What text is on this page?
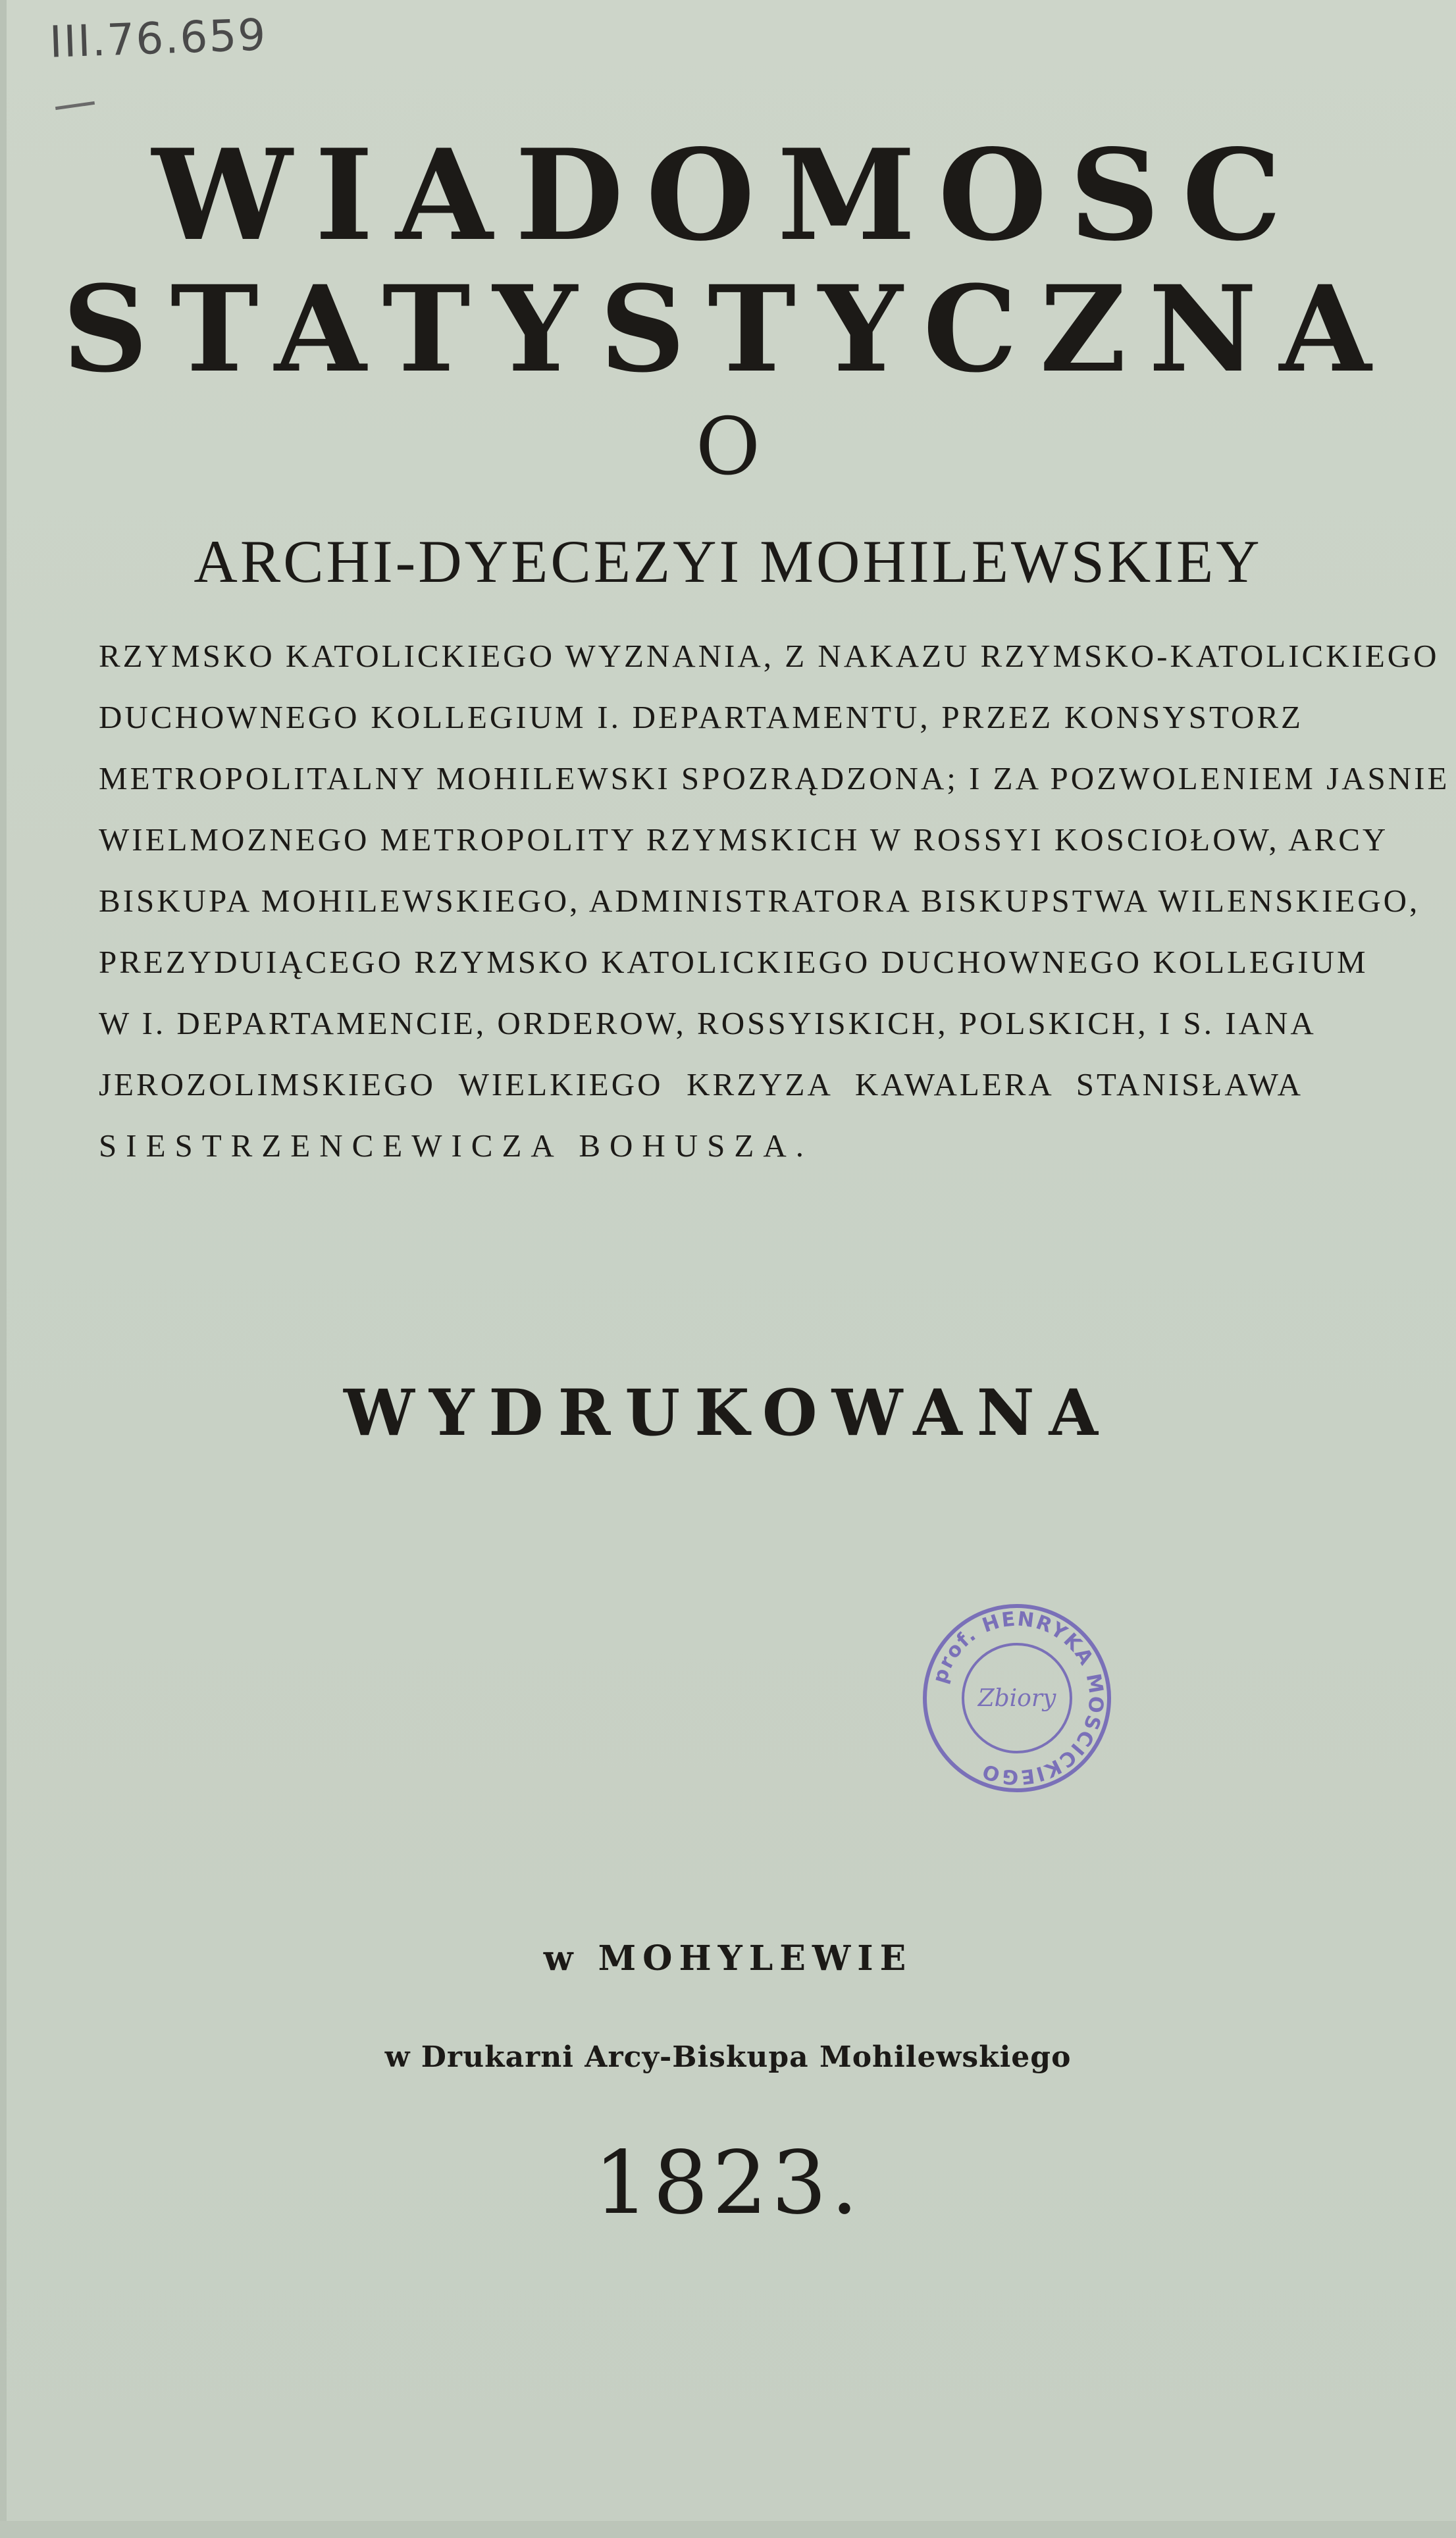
III.76.659
WIADOMOSC
STATYSTYCZNA
O
ARCHI-DYECEZYI MOHILEWSKIEY
RZYMSKO KATOLICKIEGO WYZNANIA, Z NAKAZU RZYMSKO-KATOLICKIEGO
DUCHOWNEGO KOLLEGIUM I. DEPARTAMENTU, PRZEZ KONSYSTORZ
METROPOLITALNY MOHILEWSKI SPOZRĄDZONA; I ZA POZWOLENIEM JASNIE
WIELMOZNEGO METROPOLITY RZYMSKICH W ROSSYI KOSCIOŁOW, ARCY
BISKUPA MOHILEWSKIEGO, ADMINISTRATORA BISKUPSTWA WILENSKIEGO,
PREZYDUIĄCEGO RZYMSKO KATOLICKIEGO DUCHOWNEGO KOLLEGIUM
W I. DEPARTAMENCIE, ORDEROW, ROSSYISKICH, POLSKICH, I S. IANA
JEROZOLIMSKIEGO WIELKIEGO KRZYZA KAWALERA STANISŁAWA
SIESTRZENCEWICZA BOHUSZA.
WYDRUKOWANA
prof. HENRYKA MOSCICKIEGO
Zbiory
w MOHYLEWIE
w Drukarni Arcy-Biskupa Mohilewskiego
1823.
